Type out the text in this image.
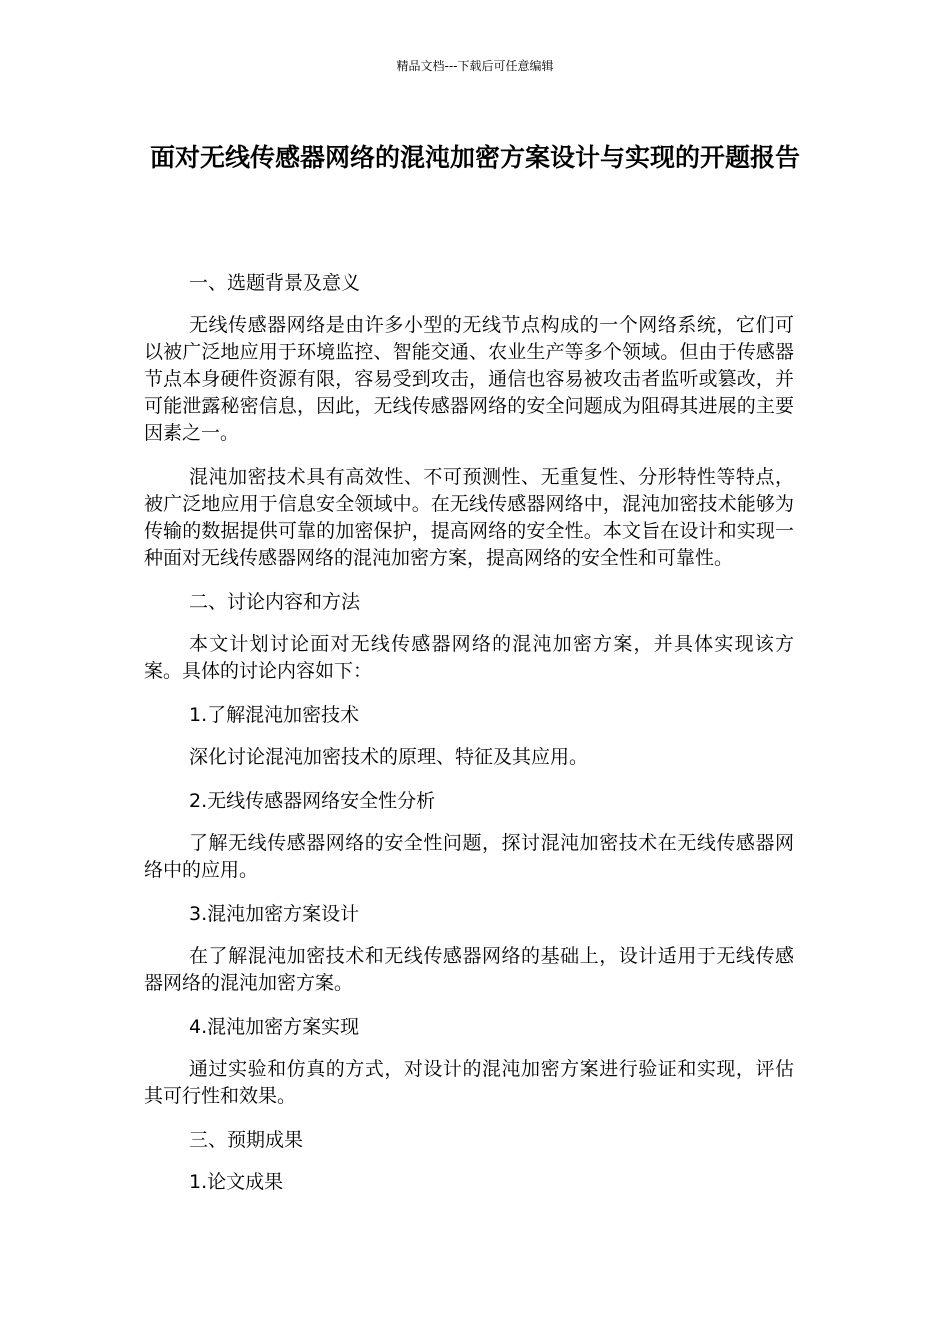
精品文档---下载后可任意编辑
面对无线传感器网络的混沌加密方案设计与实现的开题报告

一、选题背景及意义

无线传感器网络是由许多小型的无线节点构成的一个网络系统，它们可以被广泛地应用于环境监控、智能交通、农业生产等多个领域。但由于传感器节点本身硬件资源有限，容易受到攻击，通信也容易被攻击者监听或篡改，并可能泄露秘密信息，因此，无线传感器网络的安全问题成为阻碍其进展的主要因素之一。

混沌加密技术具有高效性、不可预测性、无重复性、分形特性等特点，被广泛地应用于信息安全领域中。在无线传感器网络中，混沌加密技术能够为传输的数据提供可靠的加密保护，提高网络的安全性。本文旨在设计和实现一种面对无线传感器网络的混沌加密方案，提高网络的安全性和可靠性。

二、讨论内容和方法

本文计划讨论面对无线传感器网络的混沌加密方案，并具体实现该方案。具体的讨论内容如下：

1.了解混沌加密技术

深化讨论混沌加密技术的原理、特征及其应用。

2.无线传感器网络安全性分析

了解无线传感器网络的安全性问题，探讨混沌加密技术在无线传感器网络中的应用。

3.混沌加密方案设计

在了解混沌加密技术和无线传感器网络的基础上，设计适用于无线传感器网络的混沌加密方案。

4.混沌加密方案实现

通过实验和仿真的方式，对设计的混沌加密方案进行验证和实现，评估其可行性和效果。

三、预期成果

1.论文成果
